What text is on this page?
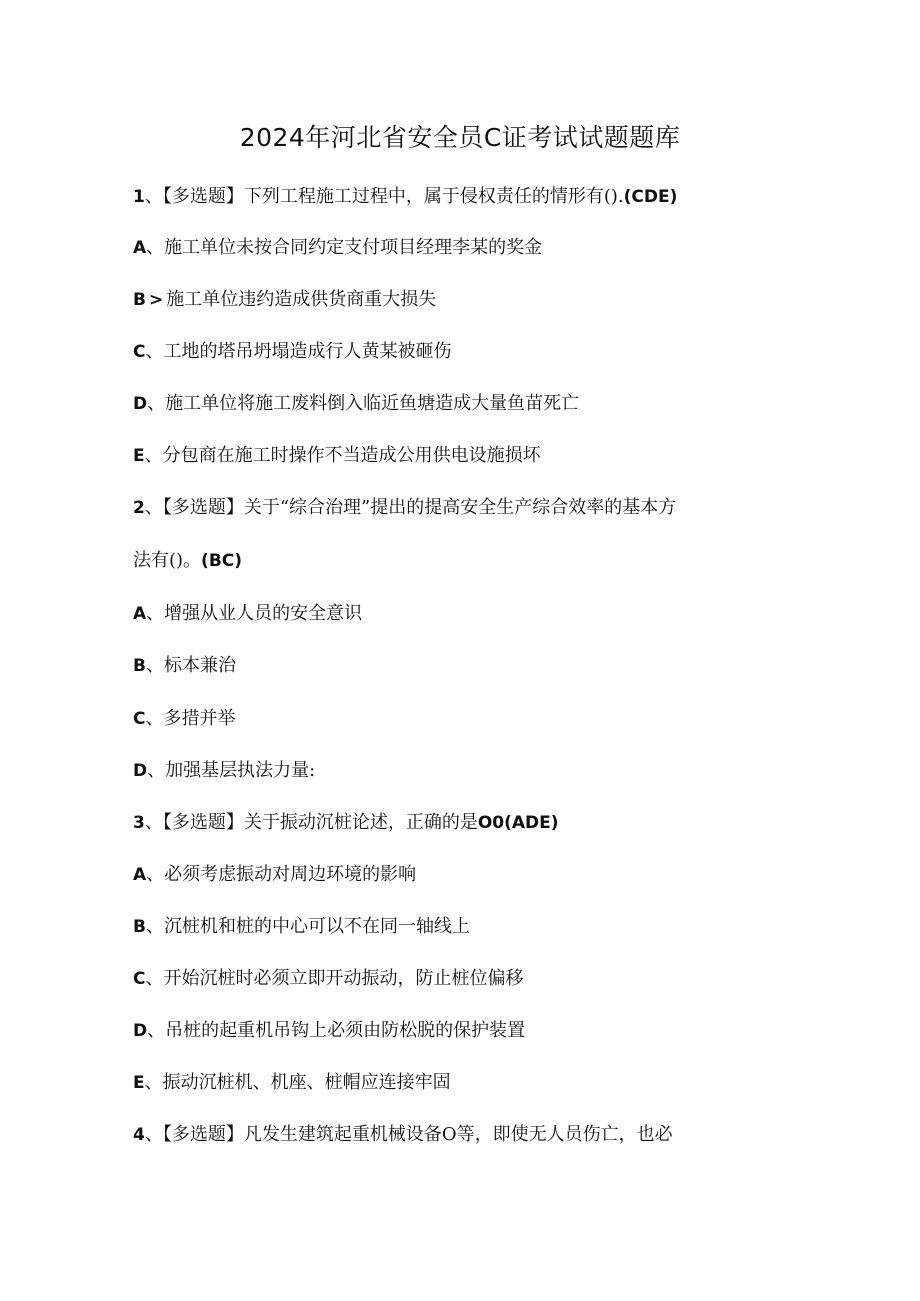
2024年河北省安全员C证考试试题题库
1、【多选题】下列工程施工过程中，属于侵权责任的情形有().(CDE)
A、施工单位未按合同约定支付项目经理李某的奖金
B > 施工单位违约造成供货商重大损失
C、工地的塔吊坍塌造成行人黄某被砸伤
D、施工单位将施工废料倒入临近鱼塘造成大量鱼苗死亡
E、分包商在施工时操作不当造成公用供电设施损坏
2、【多选题】关于“综合治理”提出的提高安全生产综合效率的基本方
法有()。(BC)
A、增强从业人员的安全意识
B、标本兼治
C、多措并举
D、加强基层执法力量:
3、【多选题】关于振动沉桩论述，正确的是O0(ADE)
A、必须考虑振动对周边环境的影响
B、沉桩机和桩的中心可以不在同一轴线上
C、开始沉桩时必须立即开动振动，防止桩位偏移
D、吊桩的起重机吊钩上必须由防松脱的保护装置
E、振动沉桩机、机座、桩帽应连接牢固
4、【多选题】凡发生建筑起重机械设备O等，即使无人员伤亡，也必
